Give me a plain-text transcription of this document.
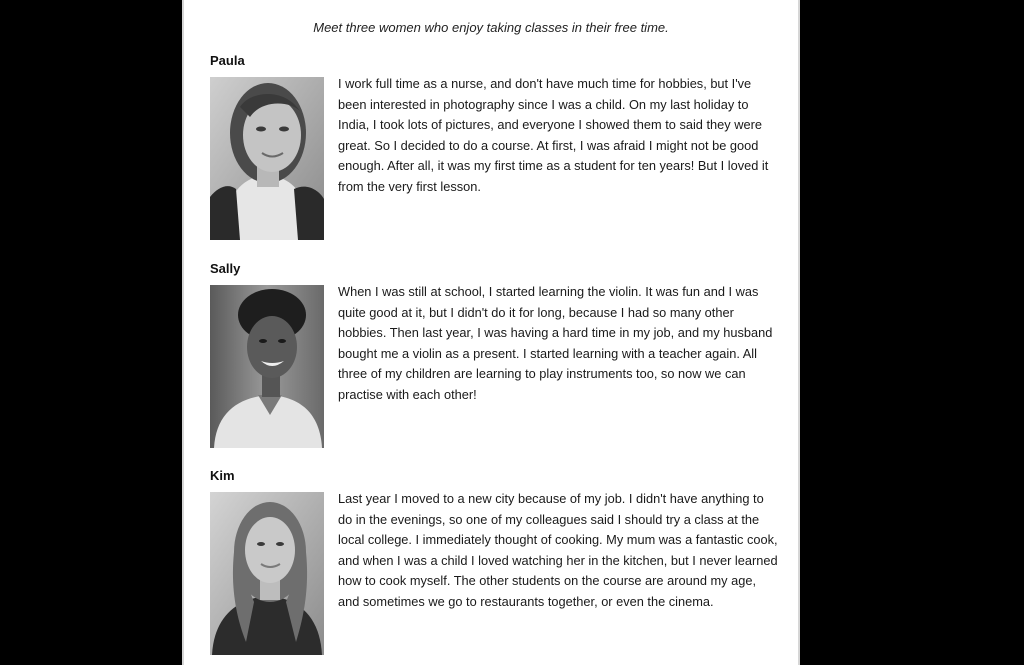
Meet three women who enjoy taking classes in their free time.
Paula

I work full time as a nurse, and don't have much time for hobbies, but I've been interested in photography since I was a child. On my last holiday to India, I took lots of pictures, and everyone I showed them to said they were great. So I decided to do a course. At first, I was afraid I might not be good enough. After all, it was my first time as a student for ten years! But I loved it from the very first lesson.

Sally

When I was still at school, I started learning the violin. It was fun and I was quite good at it, but I didn't do it for long, because I had so many other hobbies. Then last year, I was having a hard time in my job, and my husband bought me a violin as a present. I started learning with a teacher again. All three of my children are learning to play instruments too, so now we can practise with each other!

Kim

Last year I moved to a new city because of my job. I didn't have anything to do in the evenings, so one of my colleagues said I should try a class at the local college. I immediately thought of cooking. My mum was a fantastic cook, and when I was a child I loved watching her in the kitchen, but I never learned how to cook myself. The other students on the course are around my age, and sometimes we go to restaurants together, or even the cinema.
